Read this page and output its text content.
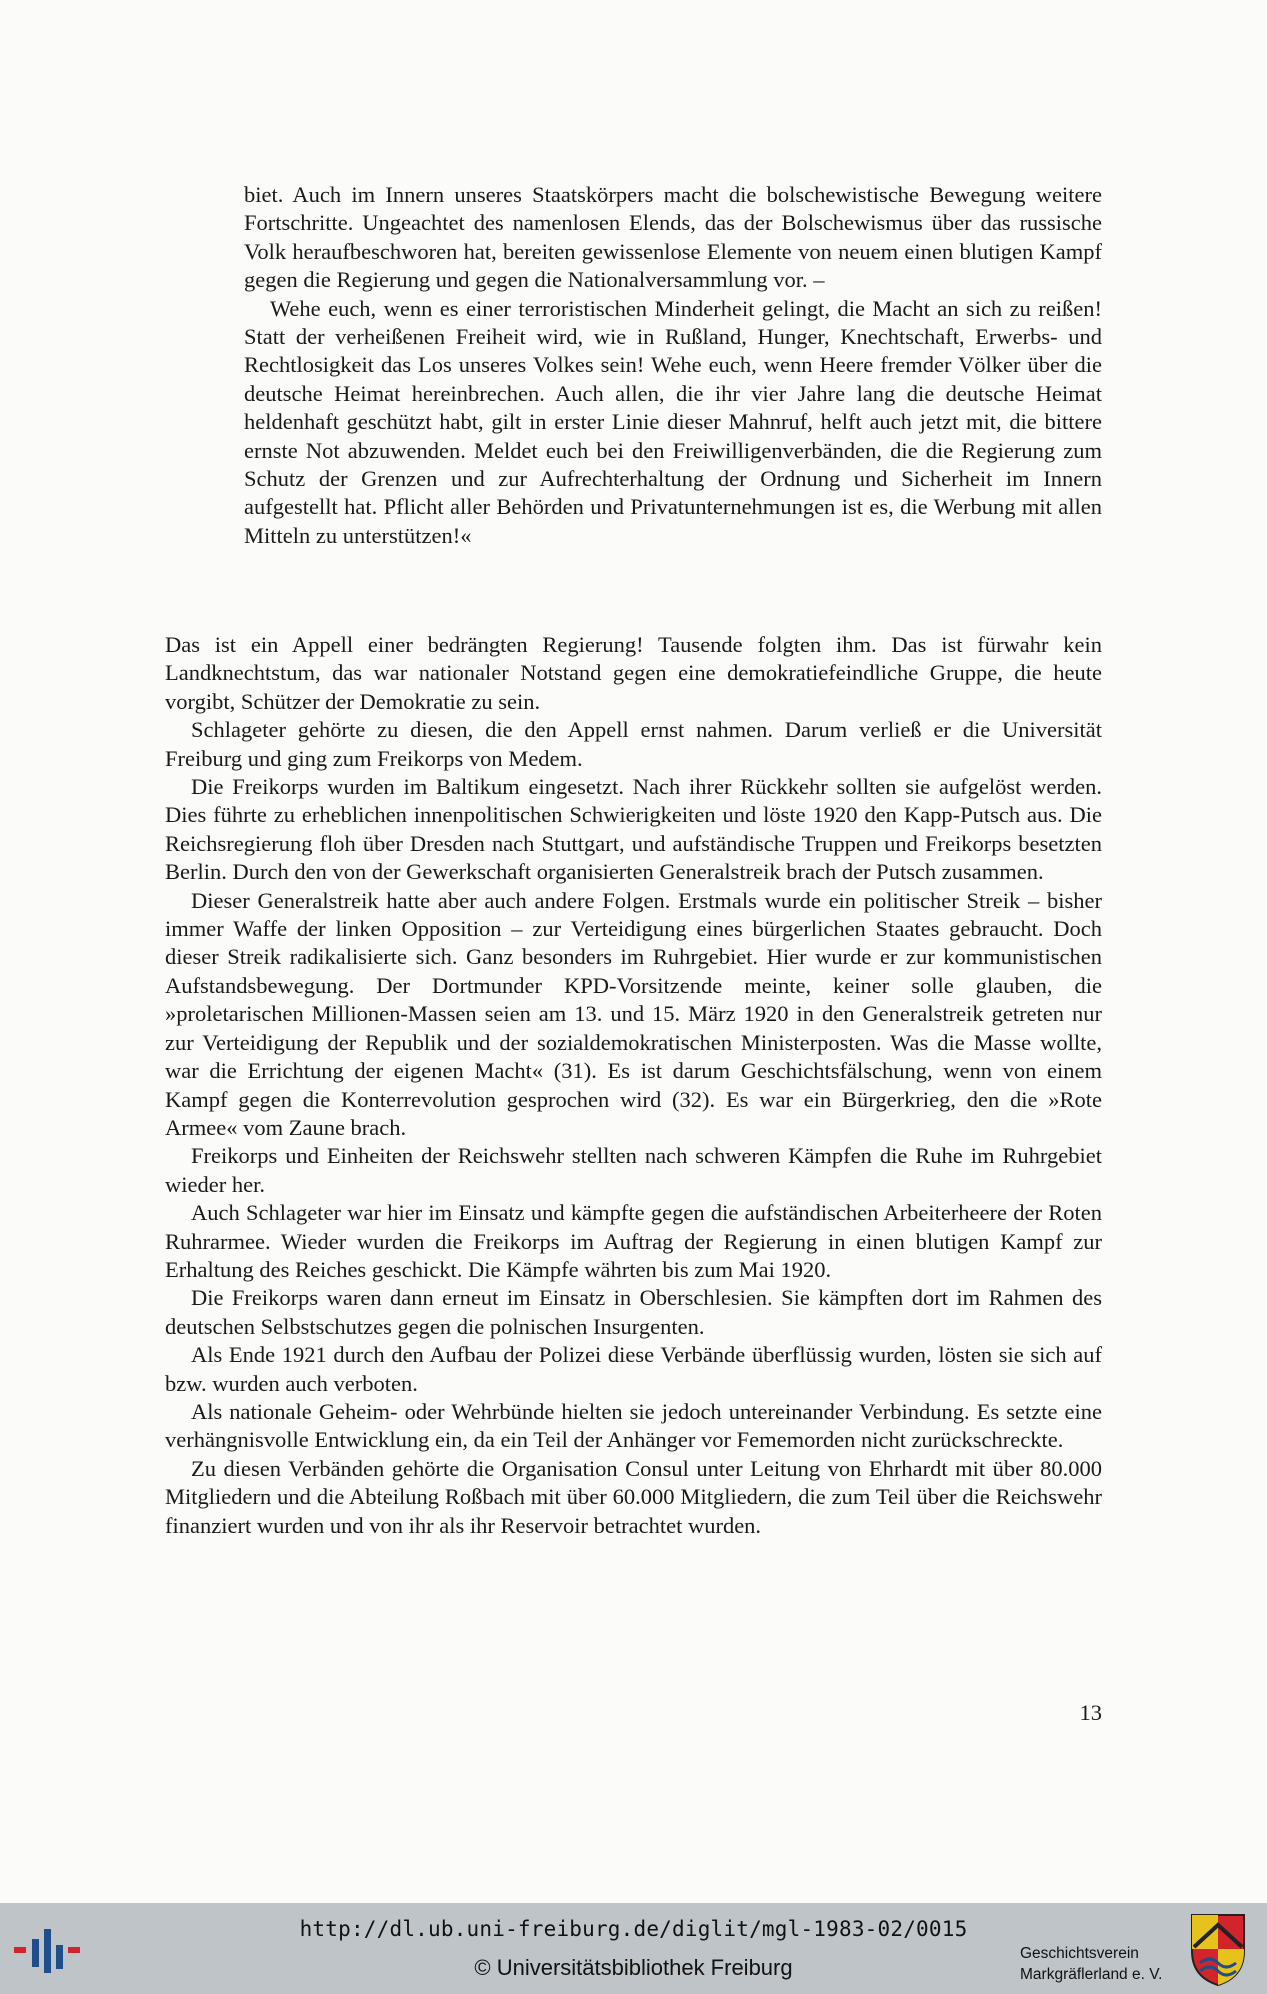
biet. Auch im Innern unseres Staatskörpers macht die bolschewistische Bewegung weitere Fortschritte. Ungeachtet des namenlosen Elends, das der Bolschewismus über das russische Volk heraufbeschworen hat, bereiten gewissenlose Elemente von neuem einen blutigen Kampf gegen die Regierung und gegen die Nationalversammlung vor. –

Wehe euch, wenn es einer terroristischen Minderheit gelingt, die Macht an sich zu reißen! Statt der verheißenen Freiheit wird, wie in Rußland, Hunger, Knechtschaft, Erwerbs- und Rechtlosigkeit das Los unseres Volkes sein! Wehe euch, wenn Heere fremder Völker über die deutsche Heimat hereinbrechen. Auch allen, die ihr vier Jahre lang die deutsche Heimat heldenhaft geschützt habt, gilt in erster Linie dieser Mahnruf, helft auch jetzt mit, die bittere ernste Not abzuwenden. Meldet euch bei den Freiwilligenverbänden, die die Regierung zum Schutz der Grenzen und zur Aufrechterhaltung der Ordnung und Sicherheit im Innern aufgestellt hat. Pflicht aller Behörden und Privatunternehmungen ist es, die Werbung mit allen Mitteln zu unterstützen!«

Das ist ein Appell einer bedrängten Regierung! Tausende folgten ihm. Das ist fürwahr kein Landknechtstum, das war nationaler Notstand gegen eine demokratiefeindliche Gruppe, die heute vorgibt, Schützer der Demokratie zu sein.

Schlageter gehörte zu diesen, die den Appell ernst nahmen. Darum verließ er die Universität Freiburg und ging zum Freikorps von Medem.

Die Freikorps wurden im Baltikum eingesetzt. Nach ihrer Rückkehr sollten sie aufgelöst werden. Dies führte zu erheblichen innenpolitischen Schwierigkeiten und löste 1920 den Kapp-Putsch aus. Die Reichsregierung floh über Dresden nach Stuttgart, und aufständische Truppen und Freikorps besetzten Berlin. Durch den von der Gewerkschaft organisierten Generalstreik brach der Putsch zusammen.

Dieser Generalstreik hatte aber auch andere Folgen. Erstmals wurde ein politischer Streik – bisher immer Waffe der linken Opposition – zur Verteidigung eines bürgerlichen Staates gebraucht. Doch dieser Streik radikalisierte sich. Ganz besonders im Ruhrgebiet. Hier wurde er zur kommunistischen Aufstandsbewegung. Der Dortmunder KPD-Vorsitzende meinte, keiner solle glauben, die »proletarischen Millionen-Massen seien am 13. und 15. März 1920 in den Generalstreik getreten nur zur Verteidigung der Republik und der sozialdemokratischen Ministerposten. Was die Masse wollte, war die Errichtung der eigenen Macht« (31). Es ist darum Geschichtsfälschung, wenn von einem Kampf gegen die Konterrevolution gesprochen wird (32). Es war ein Bürgerkrieg, den die »Rote Armee« vom Zaune brach.

Freikorps und Einheiten der Reichswehr stellten nach schweren Kämpfen die Ruhe im Ruhrgebiet wieder her.

Auch Schlageter war hier im Einsatz und kämpfte gegen die aufständischen Arbeiterheere der Roten Ruhrarmee. Wieder wurden die Freikorps im Auftrag der Regierung in einen blutigen Kampf zur Erhaltung des Reiches geschickt. Die Kämpfe währten bis zum Mai 1920.

Die Freikorps waren dann erneut im Einsatz in Oberschlesien. Sie kämpften dort im Rahmen des deutschen Selbstschutzes gegen die polnischen Insurgenten.

Als Ende 1921 durch den Aufbau der Polizei diese Verbände überflüssig wurden, lösten sie sich auf bzw. wurden auch verboten.

Als nationale Geheim- oder Wehrbünde hielten sie jedoch untereinander Verbindung. Es setzte eine verhängnisvolle Entwicklung ein, da ein Teil der Anhänger vor Fememorden nicht zurückschreckte.

Zu diesen Verbänden gehörte die Organisation Consul unter Leitung von Ehrhardt mit über 80.000 Mitgliedern und die Abteilung Roßbach mit über 60.000 Mitgliedern, die zum Teil über die Reichswehr finanziert wurden und von ihr als ihr Reservoir betrachtet wurden.

13
http://dl.ub.uni-freiburg.de/diglit/mgl-1983-02/0015
© Universitätsbibliothek Freiburg
Geschichtsverein
Markgräflerland e. V.
